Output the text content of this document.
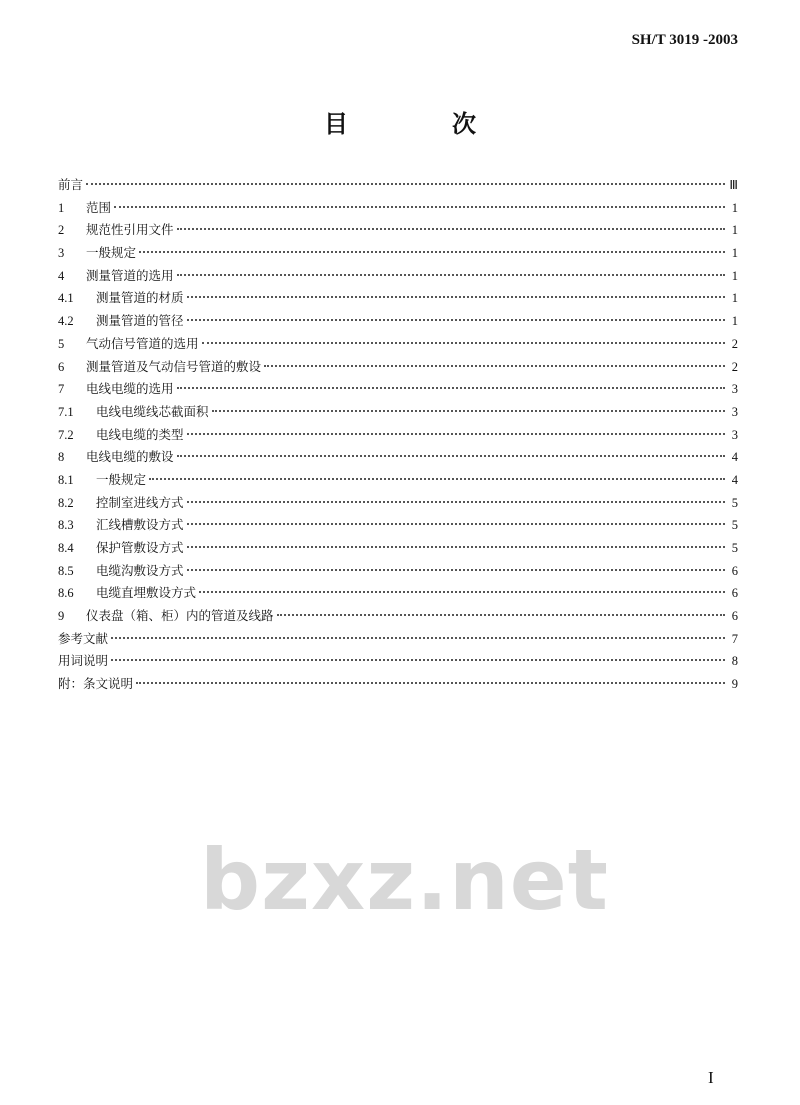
SH/T 3019 -2003
目　次
前言	Ⅲ
1	范围	1
2	规范性引用文件	1
3	一般规定	1
4	测量管道的选用	1
4.1	测量管道的材质	1
4.2	测量管道的管径	1
5	气动信号管道的选用	2
6	测量管道及气动信号管道的敷设	2
7	电线电缆的选用	3
7.1	电线电缆线芯截面积	3
7.2	电线电缆的类型	3
8	电线电缆的敷设	4
8.1	一般规定	4
8.2	控制室进线方式	5
8.3	汇线槽敷设方式	5
8.4	保护管敷设方式	5
8.5	电缆沟敷设方式	6
8.6	电缆直埋敷设方式	6
9	仪表盘（箱、柜）内的管道及线路	6
参考文献	7
用词说明	8
附：条文说明	9
bzxz.net
I
